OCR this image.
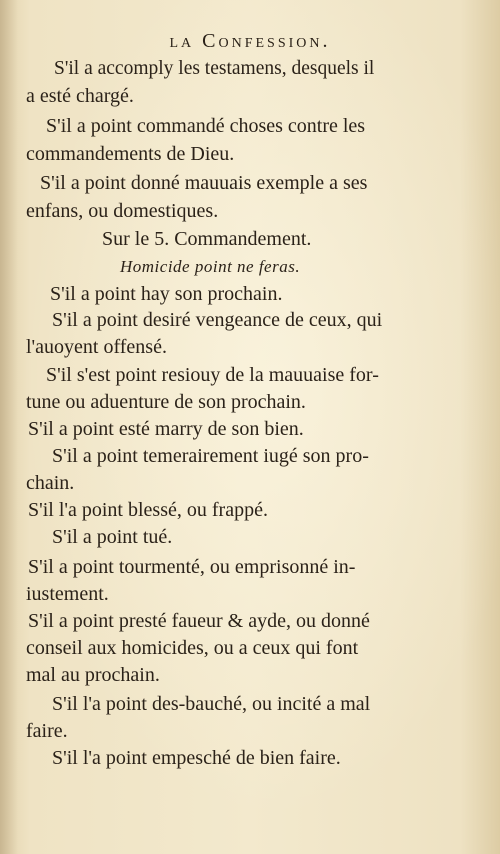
la Confession.
S'il a accomply les testamens, desquels il
a esté chargé.
S'il a point commandé choses contre les
commandements de Dieu.
S'il a point donné mauuais exemple a ses
enfans, ou domestiques.
Sur le 5. Commandement.
Homicide point ne feras.
S'il a point hay son prochain.
S'il a point desiré vengeance de ceux, qui
l'auoyent offensé.
S'il s'est point resiouy de la mauuaise for-
tune ou aduenture de son prochain.
S'il a point esté marry de son bien.
S'il a point temerairement iugé son pro-
chain.
S'il l'a point blessé, ou frappé.
S'il a point tué.
S'il a point tourmenté, ou emprisonné in-
iustement.
S'il a point presté faueur & ayde, ou donné
conseil aux homicides, ou a ceux qui font
mal au prochain.
S'il l'a point des-bauché, ou incité a mal
faire.
S'il l'a point empesché de bien faire.
